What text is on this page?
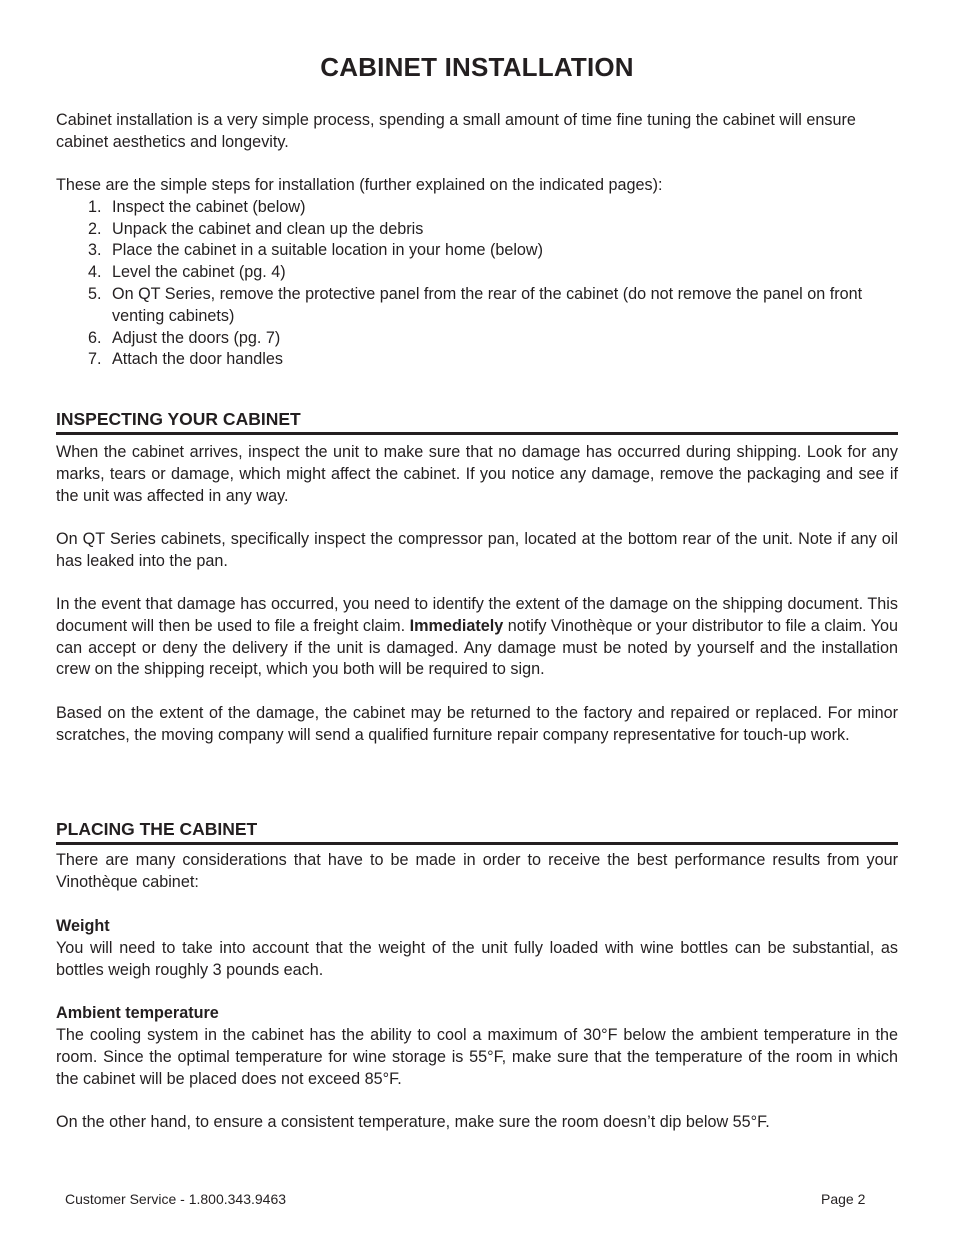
CABINET INSTALLATION

Cabinet installation is a very simple process, spending a small amount of time fine tuning the cabinet will ensure cabinet aesthetics and longevity.

These are the simple steps for installation (further explained on the indicated pages):

1. Inspect the cabinet (below)
2. Unpack the cabinet and clean up the debris
3. Place the cabinet in a suitable location in your home (below)
4. Level the cabinet (pg. 4)
5. On QT Series, remove the protective panel from the rear of the cabinet (do not remove the panel on front venting cabinets)
6. Adjust the doors (pg. 7)
7. Attach the door handles
INSPECTING YOUR CABINET

When the cabinet arrives, inspect the unit to make sure that no damage has occurred during shipping. Look for any marks, tears or damage, which might affect the cabinet. If you notice any damage, remove the packaging and see if the unit was affected in any way.

On QT Series cabinets, specifically inspect the compressor pan, located at the bottom rear of the unit. Note if any oil has leaked into the pan.

In the event that damage has occurred, you need to identify the extent of the damage on the shipping document. This document will then be used to file a freight claim. Immediately notify Vinothèque or your distributor to file a claim. You can accept or deny the delivery if the unit is damaged. Any damage must be noted by yourself and the installation crew on the shipping receipt, which you both will be required to sign.

Based on the extent of the damage, the cabinet may be returned to the factory and repaired or replaced. For minor scratches, the moving company will send a qualified furniture repair company representative for touch-up work.

PLACING THE CABINET

There are many considerations that have to be made in order to receive the best performance results from your Vinothèque cabinet:

Weight

You will need to take into account that the weight of the unit fully loaded with wine bottles can be substantial, as bottles weigh roughly 3 pounds each.

Ambient temperature

The cooling system in the cabinet has the ability to cool a maximum of 30°F below the ambient temperature in the room. Since the optimal temperature for wine storage is 55°F, make sure that the temperature of the room in which the cabinet will be placed does not exceed 85°F.

On the other hand, to ensure a consistent temperature, make sure the room doesn’t dip below 55°F.

Customer Service - 1.800.343.9463	Page 2
